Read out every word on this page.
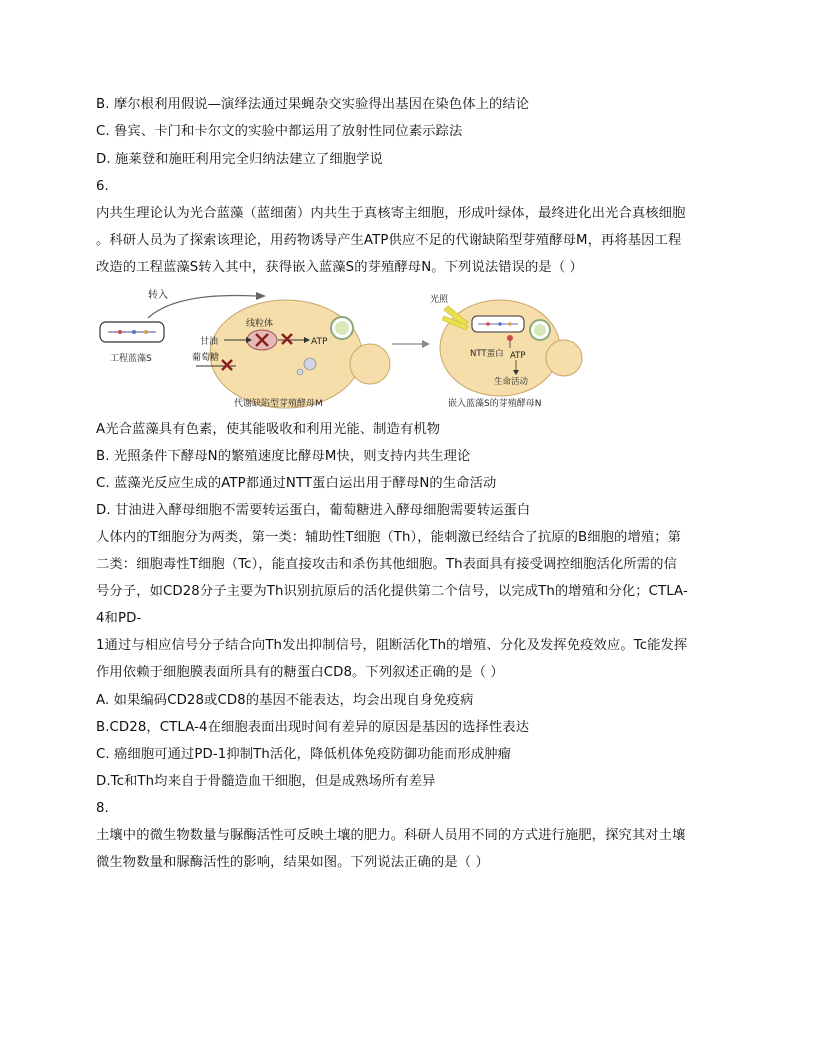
B. 摩尔根利用假说—演绎法通过果蝇杂交实验得出基因在染色体上的结论
C. 鲁宾、卡门和卡尔文的实验中都运用了放射性同位素示踪法
D. 施莱登和施旺利用完全归纳法建立了细胞学说
6.
内共生理论认为光合蓝藻（蓝细菌）内共生于真核寄主细胞，形成叶绿体，最终进化出光合真核细胞
。科研人员为了探索该理论，用药物诱导产生ATP供应不足的代谢缺陷型芽殖酵母M，再将基因工程
改造的工程蓝藻S转入其中，获得嵌入蓝藻S的芽殖酵母N。下列说法错误的是（ ）
转入
工程蓝藻S
线粒体
ATP
甘油
葡萄糖
代谢缺陷型芽殖酵母M
光照
NTT蛋白 ATP
生命活动
嵌入蓝藻S的芽殖酵母N
A光合蓝藻具有色素，使其能吸收和利用光能、制造有机物
B. 光照条件下酵母N的繁殖速度比酵母M快，则支持内共生理论
C. 蓝藻光反应生成的ATP都通过NTT蛋白运出用于酵母N的生命活动
D. 甘油进入酵母细胞不需要转运蛋白，葡萄糖进入酵母细胞需要转运蛋白
人体内的T细胞分为两类，第一类：辅助性T细胞（Th），能刺激已经结合了抗原的B细胞的增殖；第
二类：细胞毒性T细胞（Tc），能直接攻击和杀伤其他细胞。Th表面具有接受调控细胞活化所需的信
号分子，如CD28分子主要为Th识别抗原后的活化提供第二个信号，以完成Th的增殖和分化；CTLA-
4和PD-
1通过与相应信号分子结合向Th发出抑制信号，阻断活化Th的增殖、分化及发挥免疫效应。Tc能发挥
作用依赖于细胞膜表面所具有的糖蛋白CD8。下列叙述正确的是（ ）
A. 如果编码CD28或CD8的基因不能表达，均会出现自身免疫病
B.CD28，CTLA-4在细胞表面出现时间有差异的原因是基因的选择性表达
C. 癌细胞可通过PD-1抑制Th活化，降低机体免疫防御功能而形成肿瘤
D.Tc和Th均来自于骨髓造血干细胞，但是成熟场所有差异
8.
土壤中的微生物数量与脲酶活性可反映土壤的肥力。科研人员用不同的方式进行施肥，探究其对土壤
微生物数量和脲酶活性的影响，结果如图。下列说法正确的是（ ）
